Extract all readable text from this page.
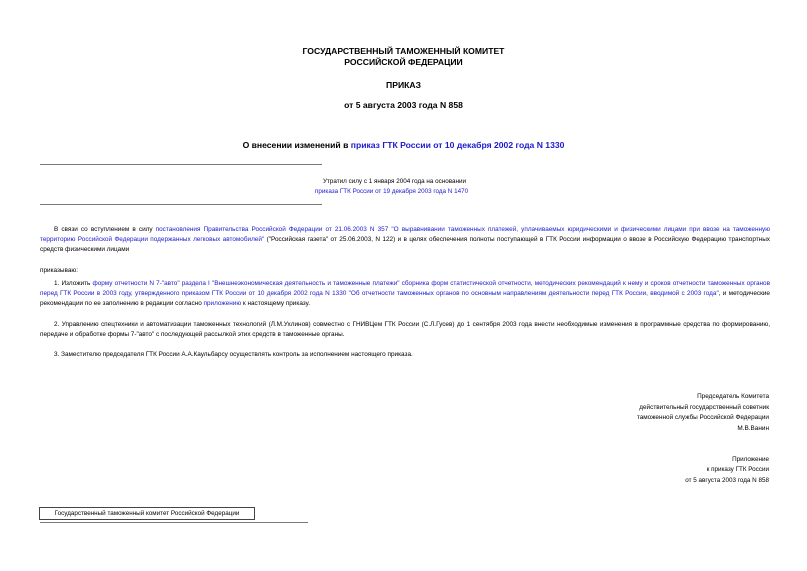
ГОСУДАРСТВЕННЫЙ ТАМОЖЕННЫЙ КОМИТЕТ
РОССИЙСКОЙ ФЕДЕРАЦИИ
ПРИКАЗ
от 5 августа 2003 года N 858
О внесении изменений в приказ ГТК России от 10 декабря 2002 года N 1330
Утратил силу с 1 января 2004 года на основании
приказа ГТК России от 19 декабря 2003 года N 1470
В связи со вступлением в силу постановления Правительства Российской Федерации от 21.06.2003 N 357 "О выравнивании таможенных платежей, уплачиваемых юридическими и физическими лицами при ввозе на таможенную территорию Российской Федерации подержанных легковых автомобилей" ("Российская газета" от 25.06.2003, N 122) и в целях обеспечения полноты поступающей в ГТК России информации о ввозе в Российскую Федерацию транспортных средств физическими лицами
приказываю:
1. Изложить форму отчетности N 7-"авто" раздела I "Внешнеэкономическая деятельность и таможенные платежи" сборника форм статистической отчетности, методических рекомендаций к нему и сроков отчетности таможенных органов перед ГТК России в 2003 году, утвержденного приказом ГТК России от 10 декабря 2002 года N 1330 "Об отчетности таможенных органов по основным направлениям деятельности перед ГТК России, вводимой с 2003 года", и методические рекомендации по ее заполнению в редакции согласно приложению к настоящему приказу.
2. Управлению спецтехники и автоматизации таможенных технологий (Л.М.Ухлинов) совместно с ГНИВЦем ГТК России (С.Л.Гусев) до 1 сентября 2003 года внести необходимые изменения в программные средства по формированию, передаче и обработке формы 7-"авто" с последующей рассылкой этих средств в таможенные органы.
3. Заместителю председателя ГТК России А.А.Каульбарсу осуществлять контроль за исполнением настоящего приказа.
Председатель Комитета
действительный государственный советник
таможенной службы Российской Федерации
М.В.Ванин
Приложение
к приказу ГТК России
от 5 августа 2003 года N 858
Государственный таможенный комитет Российской Федерации
